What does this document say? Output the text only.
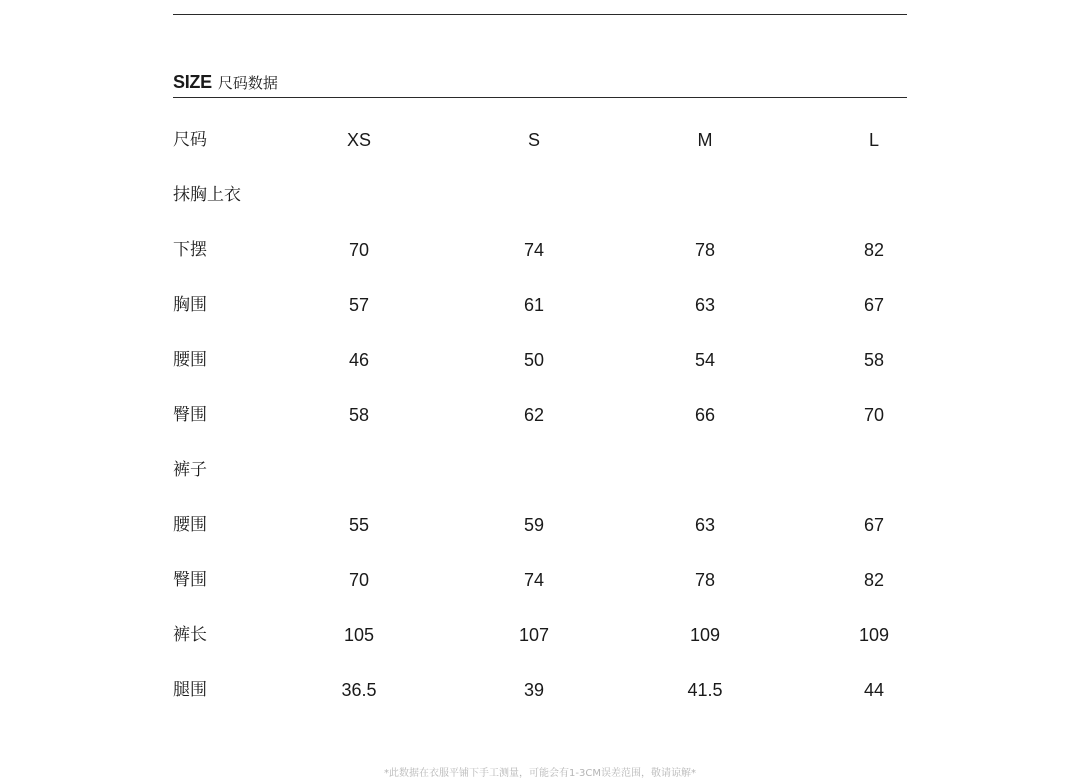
SIZE 尺码数据
尺码	XS	S	M	L
抹胸上衣
下摆	70	74	78	82
胸围	57	61	63	67
腰围	46	50	54	58
臀围	58	62	66	70
裤子
腰围	55	59	63	67
臀围	70	74	78	82
裤长	105	107	109	109
腿围	36.5	39	41.5	44
*此数据在衣服平铺下手工测量，可能会有1-3CM误差范围，敬请谅解*
